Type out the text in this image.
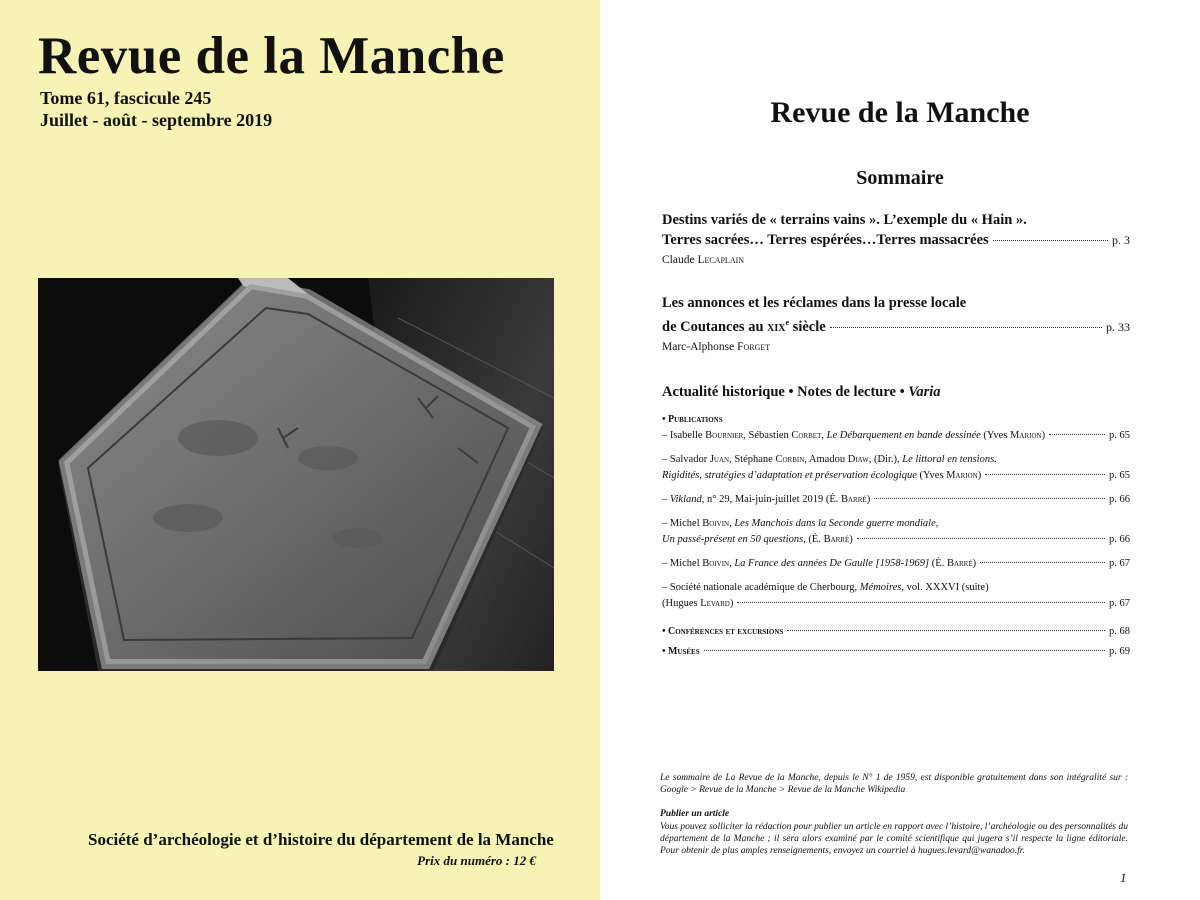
Revue de la Manche
Tome 61, fascicule 245
Juillet - août - septembre 2019
Société d’archéologie et d’histoire du département de la Manche
Prix du numéro : 12 €
Revue de la Manche
Sommaire
Destins variés de « terrains vains ». L’exemple du « Hain ».
Terres sacrées… Terres espérées…Terres massacrées	p. 3
Claude Lecaplain
Les annonces et les réclames dans la presse locale
de Coutances au xix$^e$ siècle	p. 33
Marc-Alphonse Forget
Actualité historique • Notes de lecture • Varia
• Publications
– Isabelle Bournier, Sébastien Corbet, Le Débarquement en bande dessinée (Yves Marion)	p. 65
– Salvador Juan, Stéphane Corbin, Amadou Diaw, (Dir.), Le littoral en tensions.
Rigidités, stratégies d’adaptation et préservation écologique (Yves Marion)	p. 65
– Vikland, n° 29, Mai-juin-juillet 2019 (É. Barré)	p. 66
– Michel Boivin, Les Manchois dans la Seconde guerre mondiale,
Un passé-présent en 50 questions, (É. Barré)	p. 66
– Michel Boivin, La France des années De Gaulle [1958-1969] (É. Barré)	p. 67
– Société nationale académique de Cherbourg, Mémoires, vol. XXXVI (suite)
(Hugues Levard)	p. 67
• Conférences et excursions	p. 68
• Musées	p. 69
Le sommaire de La Revue de la Manche, depuis le N° 1 de 1959, est disponible gratuitement dans son intégralité sur : Google > Revue de la Manche > Revue de la Manche Wikipedia
Publier un article
Vous pouvez solliciter la rédaction pour publier un article en rapport avec l’histoire, l’archéologie ou des personnalités du département de la Manche ; il sera alors examiné par le comité scientifique qui jugera s’il respecte la ligne éditoriale. Pour obtenir de plus amples renseignements, envoyez un courriel à hugues.levard@wanadoo.fr.
1
